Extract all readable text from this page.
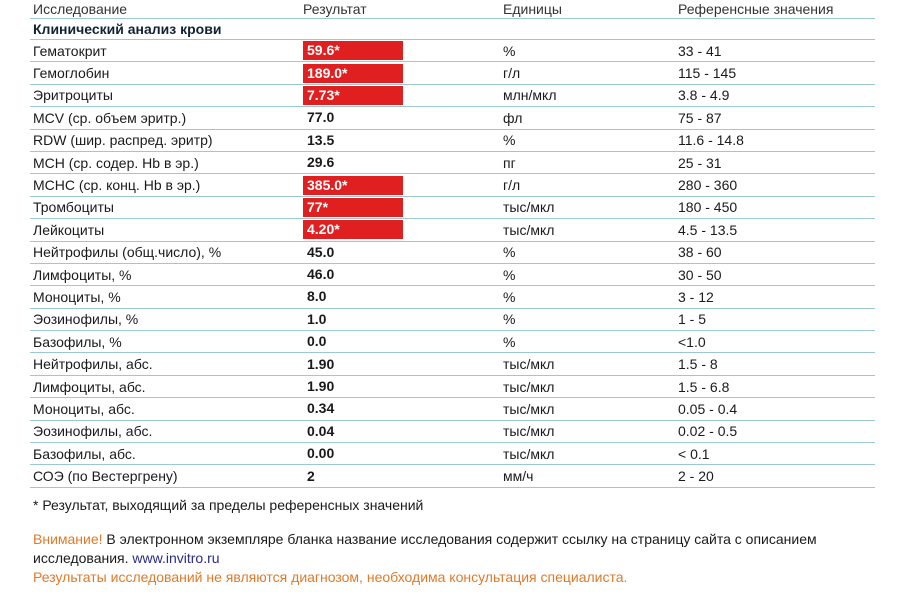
Исследование	Результат	Единицы	Референсные значения
Клинический анализ крови
Гематокрит	59.6*	%	33 - 41
Гемоглобин	189.0*	г/л	115 - 145
Эритроциты	7.73*	млн/мкл	3.8 - 4.9
MCV (ср. объем эритр.)	77.0	фл	75 - 87
RDW (шир. распред. эритр)	13.5	%	11.6 - 14.8
MCH (ср. содер. Hb в эр.)	29.6	пг	25 - 31
МСНС (ср. конц. Hb в эр.)	385.0*	г/л	280 - 360
Тромбоциты	77*	тыс/мкл	180 - 450
Лейкоциты	4.20*	тыс/мкл	4.5 - 13.5
Нейтрофилы (общ.число), %	45.0	%	38 - 60
Лимфоциты, %	46.0	%	30 - 50
Моноциты, %	8.0	%	3 - 12
Эозинофилы, %	1.0	%	1 - 5
Базофилы, %	0.0	%	<1.0
Нейтрофилы, абс.	1.90	тыс/мкл	1.5 - 8
Лимфоциты, абс.	1.90	тыс/мкл	1.5 - 6.8
Моноциты, абс.	0.34	тыс/мкл	0.05 - 0.4
Эозинофилы, абс.	0.04	тыс/мкл	0.02 - 0.5
Базофилы, абс.	0.00	тыс/мкл	< 0.1
СОЭ (по Вестергрену)	2	мм/ч	2 - 20
* Результат, выходящий за пределы референсных значений
Внимание! В электронном экземпляре бланка название исследования содержит ссылку на страницу сайта с описанием исследования. www.invitro.ru
Результаты исследований не являются диагнозом, необходима консультация специалиста.
